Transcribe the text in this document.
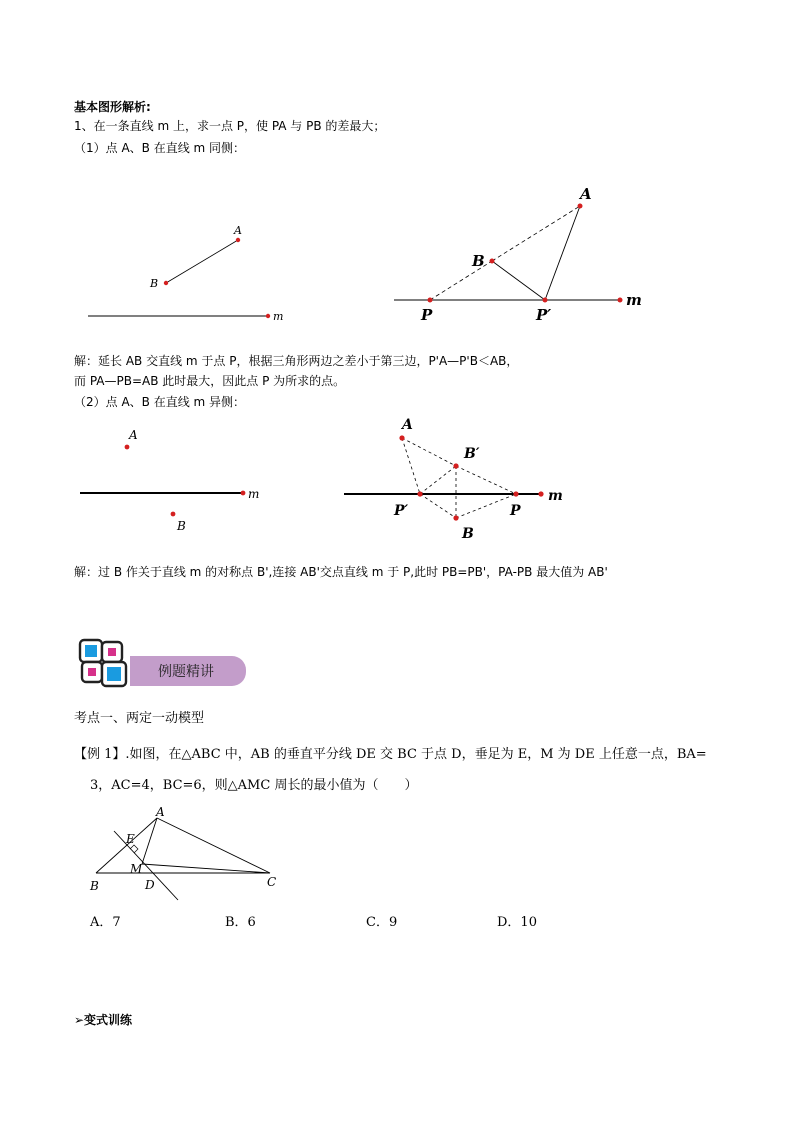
基本图形解析:
1、在一条直线 m 上，求一点 P，使 PA 与 PB 的差最大；
（1）点 A、B 在直线 m 同侧：
A
B
m
A
B
P	P′
m
解：延长 AB 交直线 m 于点 P，根据三角形两边之差小于第三边，P'A—P'B＜AB，
而 PA—PB=AB 此时最大，因此点 P 为所求的点。
（2）点 A、B 在直线 m 异侧：
A
B
m
A
B′
P′	P
B
m
解：过 B 作关于直线 m 的对称点 B',连接 AB'交点直线 m 于 P,此时 PB=PB'，PA-PB 最大值为 AB'
例题精讲
考点一、两定一动模型
【例 1】.如图，在△ABC 中，AB 的垂直平分线 DE 交 BC 于点 D，垂足为 E，M 为 DE 上任意一点，BA=
3，AC=4，BC=6，则△AMC 周长的最小值为（　　）
A
E
M
B	D	C
A．7	B．6	C．9	D．10
➢变式训练
